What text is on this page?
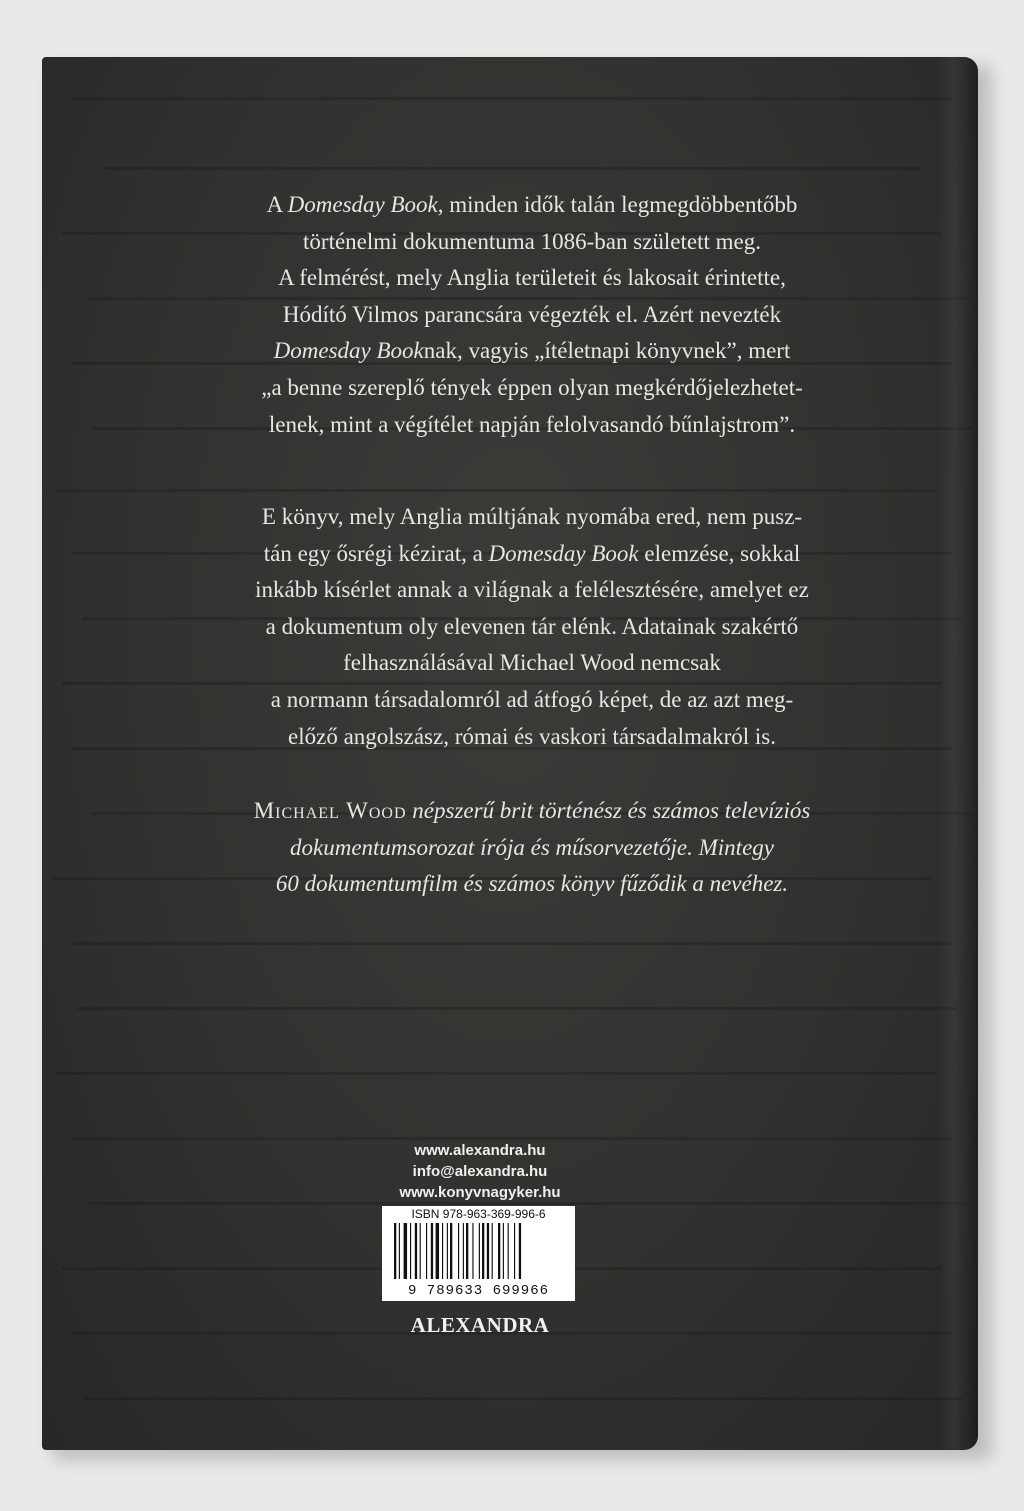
A Domesday Book, minden idők talán legmegdöbbentőbb
történelmi dokumentuma 1086-ban született meg.
A felmérést, mely Anglia területeit és lakosait érintette,
Hódító Vilmos parancsára végezték el. Azért nevezték
Domesday Booknak, vagyis „ítéletnapi könyvnek”, mert
„a benne szereplő tények éppen olyan megkérdőjelezhetet-
lenek, mint a végítélet napján felolvasandó bűnlajstrom”.

E könyv, mely Anglia múltjának nyomába ered, nem pusz-
tán egy ősrégi kézirat, a Domesday Book elemzése, sokkal
inkább kísérlet annak a világnak a felélesztésére, amelyet ez
a dokumentum oly elevenen tár elénk. Adatainak szakértő
felhasználásával Michael Wood nemcsak
a normann társadalomról ad átfogó képet, de az azt meg-
előző angolszász, római és vaskori társadalmakról is.

Michael Wood népszerű brit történész és számos televíziós
dokumentumsorozat írója és műsorvezetője. Mintegy
60 dokumentumfilm és számos könyv fűződik a nevéhez.

www.alexandra.hu
info@alexandra.hu
www.konyvnagyker.hu
ISBN 978-963-369-996-6
9 789633 699966
ALEXANDRA
